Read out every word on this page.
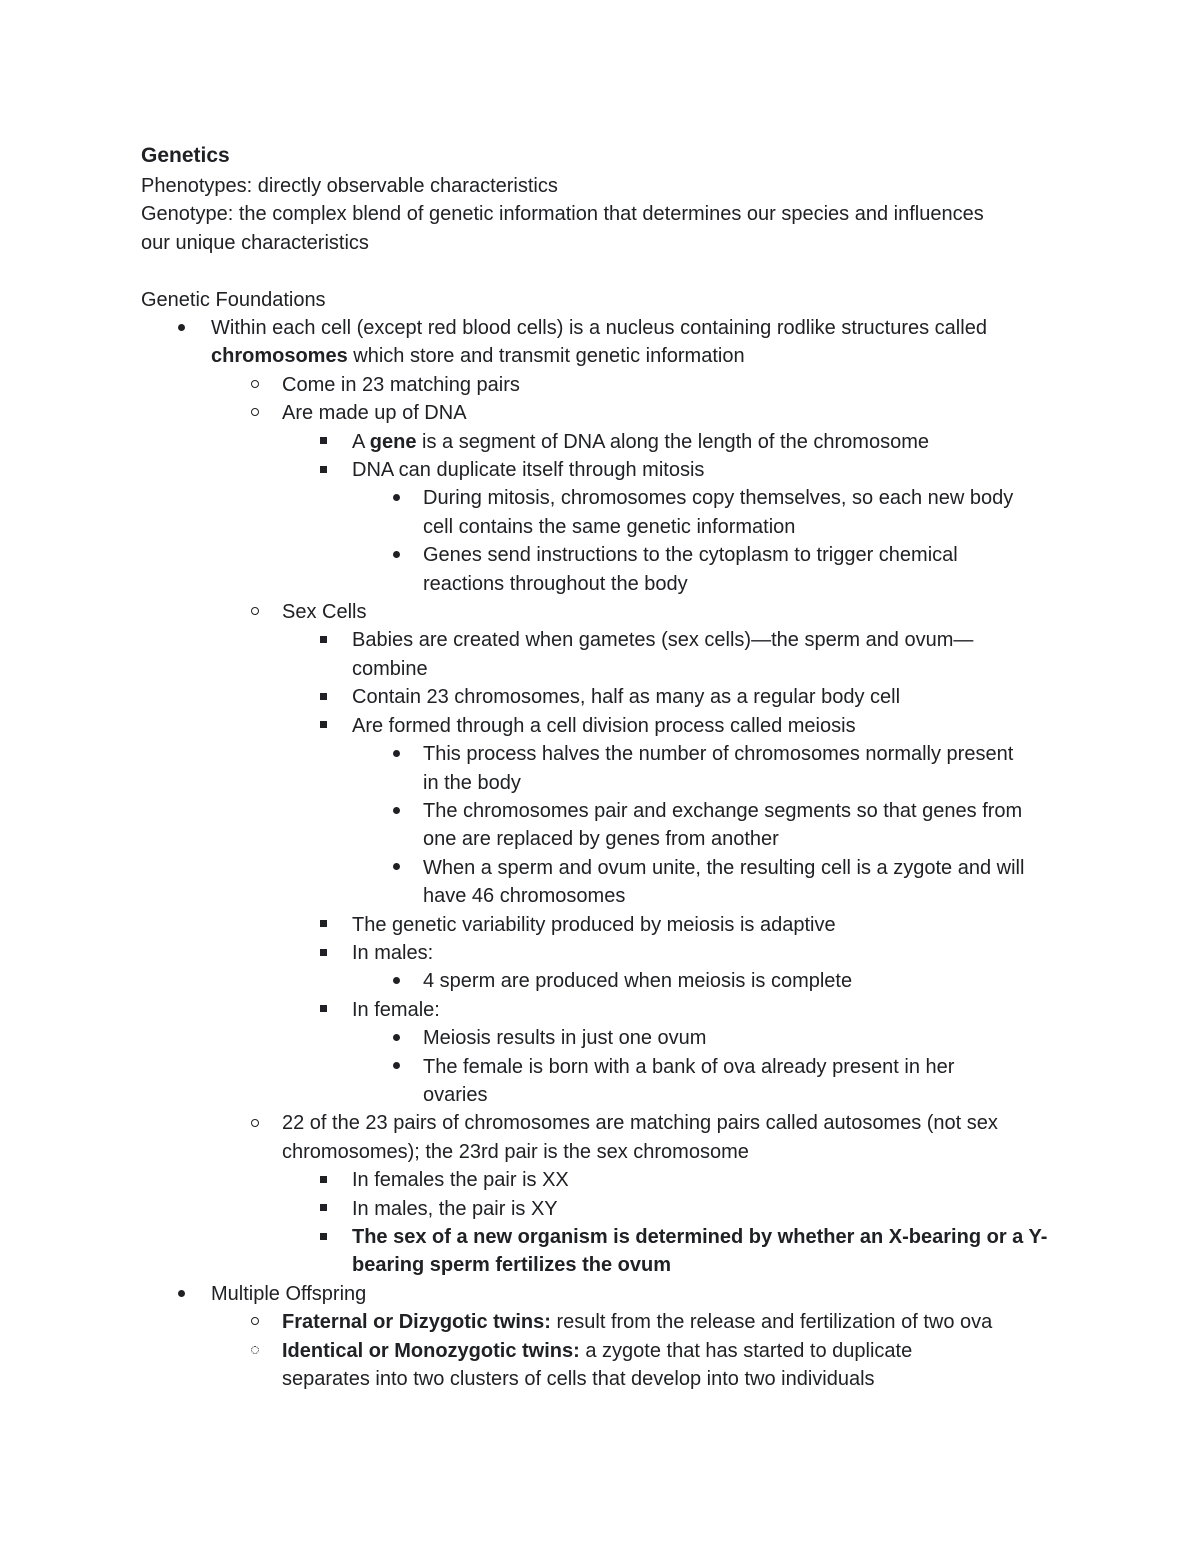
Genetics
Phenotypes: directly observable characteristics
Genotype: the complex blend of genetic information that determines our species and influences
our unique characteristics
Genetic Foundations
Within each cell (except red blood cells) is a nucleus containing rodlike structures called
chromosomes which store and transmit genetic information
Come in 23 matching pairs
Are made up of DNA
A gene is a segment of DNA along the length of the chromosome
DNA can duplicate itself through mitosis
During mitosis, chromosomes copy themselves, so each new body cell contains the same genetic information
Genes send instructions to the cytoplasm to trigger chemical reactions throughout the body
Sex Cells
Babies are created when gametes (sex cells)—the sperm and ovum— combine
Contain 23 chromosomes, half as many as a regular body cell
Are formed through a cell division process called meiosis
This process halves the number of chromosomes normally present in the body
The chromosomes pair and exchange segments so that genes from one are replaced by genes from another
When a sperm and ovum unite, the resulting cell is a zygote and will have 46 chromosomes
The genetic variability produced by meiosis is adaptive
In males:
4 sperm are produced when meiosis is complete
In female:
Meiosis results in just one ovum
The female is born with a bank of ova already present in her ovaries
22 of the 23 pairs of chromosomes are matching pairs called autosomes (not sex chromosomes); the 23rd pair is the sex chromosome
In females the pair is XX
In males, the pair is XY
The sex of a new organism is determined by whether an X-bearing or a Y-bearing sperm fertilizes the ovum
Multiple Offspring
Fraternal or Dizygotic twins: result from the release and fertilization of two ova
Identical or Monozygotic twins: a zygote that has started to duplicate separates into two clusters of cells that develop into two individuals
